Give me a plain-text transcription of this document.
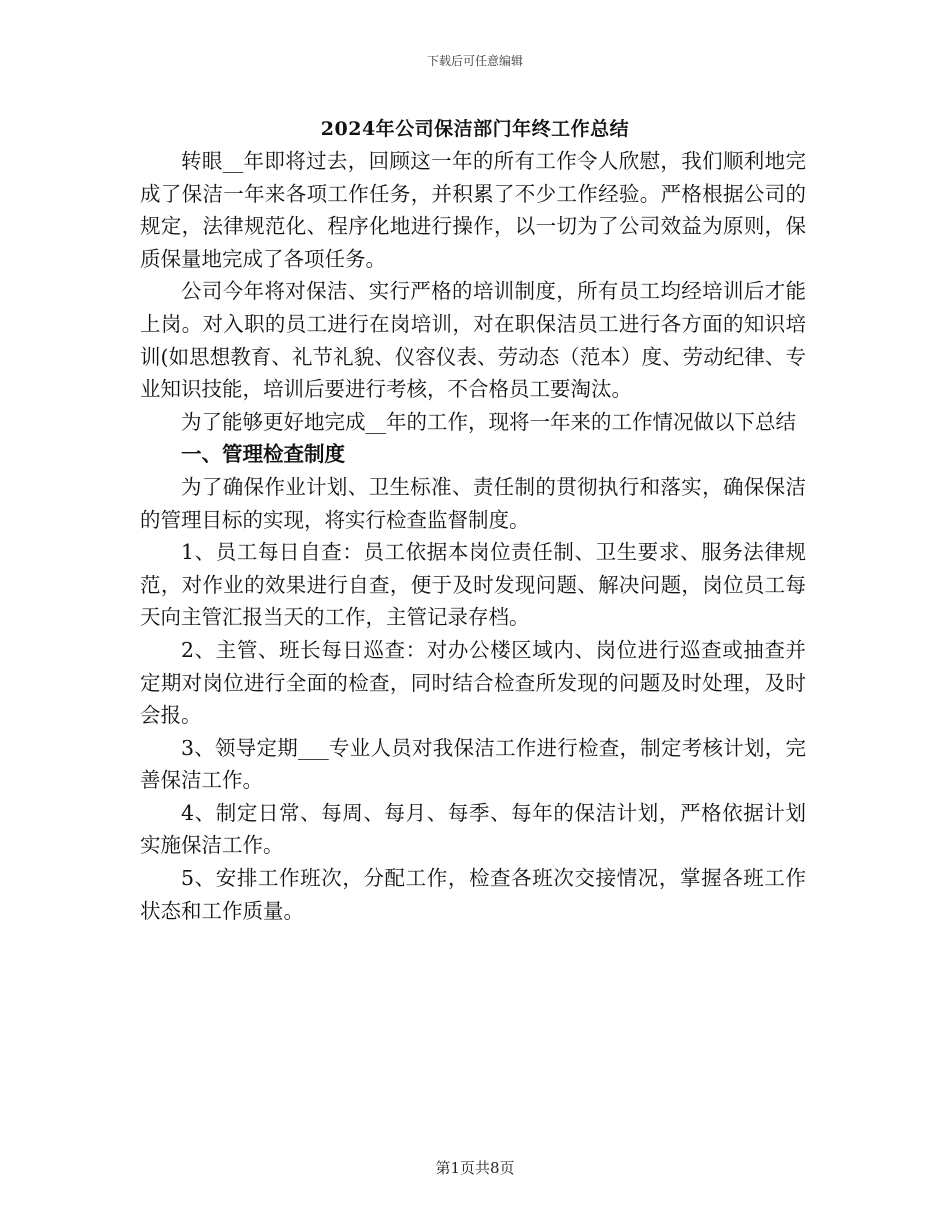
下载后可任意编辑
2024年公司保洁部门年终工作总结

转眼__年即将过去，回顾这一年的所有工作令人欣慰，我们顺利地完成了保洁一年来各项工作任务，并积累了不少工作经验。严格根据公司的规定，法律规范化、程序化地进行操作，以一切为了公司效益为原则，保质保量地完成了各项任务。

公司今年将对保洁、实行严格的培训制度，所有员工均经培训后才能上岗。对入职的员工进行在岗培训，对在职保洁员工进行各方面的知识培训(如思想教育、礼节礼貌、仪容仪表、劳动态（范本）度、劳动纪律、专业知识技能，培训后要进行考核，不合格员工要淘汰。

为了能够更好地完成__年的工作，现将一年来的工作情况做以下总结

一、管理检查制度

为了确保作业计划、卫生标准、责任制的贯彻执行和落实，确保保洁的管理目标的实现，将实行检查监督制度。

1、员工每日自查：员工依据本岗位责任制、卫生要求、服务法律规范，对作业的效果进行自查，便于及时发现问题、解决问题，岗位员工每天向主管汇报当天的工作，主管记录存档。

2、主管、班长每日巡查：对办公楼区域内、岗位进行巡查或抽查并定期对岗位进行全面的检查，同时结合检查所发现的问题及时处理，及时会报。

3、领导定期___专业人员对我保洁工作进行检查，制定考核计划，完善保洁工作。

4、制定日常、每周、每月、每季、每年的保洁计划，严格依据计划实施保洁工作。

5、安排工作班次，分配工作，检查各班次交接情况，掌握各班工作状态和工作质量。

第1页共8页
